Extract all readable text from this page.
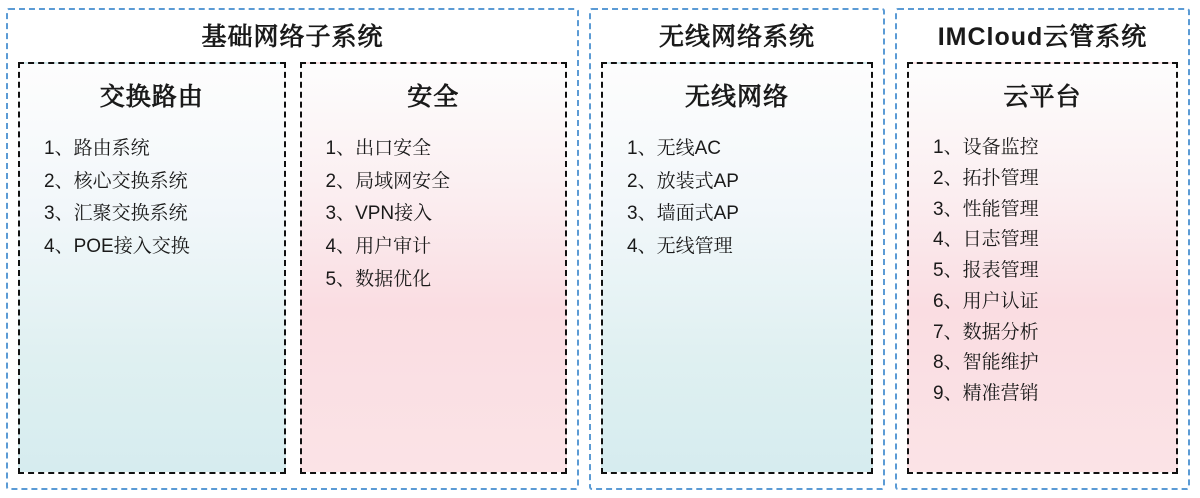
基础网络子系统
交换路由
1、路由系统
2、核心交换系统
3、汇聚交换系统
4、POE接入交换
安全
1、出口安全
2、局域网安全
3、VPN接入
4、用户审计
5、数据优化
无线网络系统
无线网络
1、无线AC
2、放装式AP
3、墙面式AP
4、无线管理
IMCloud云管系统
云平台
1、设备监控
2、拓扑管理
3、性能管理
4、日志管理
5、报表管理
6、用户认证
7、数据分析
8、智能维护
9、精准营销
